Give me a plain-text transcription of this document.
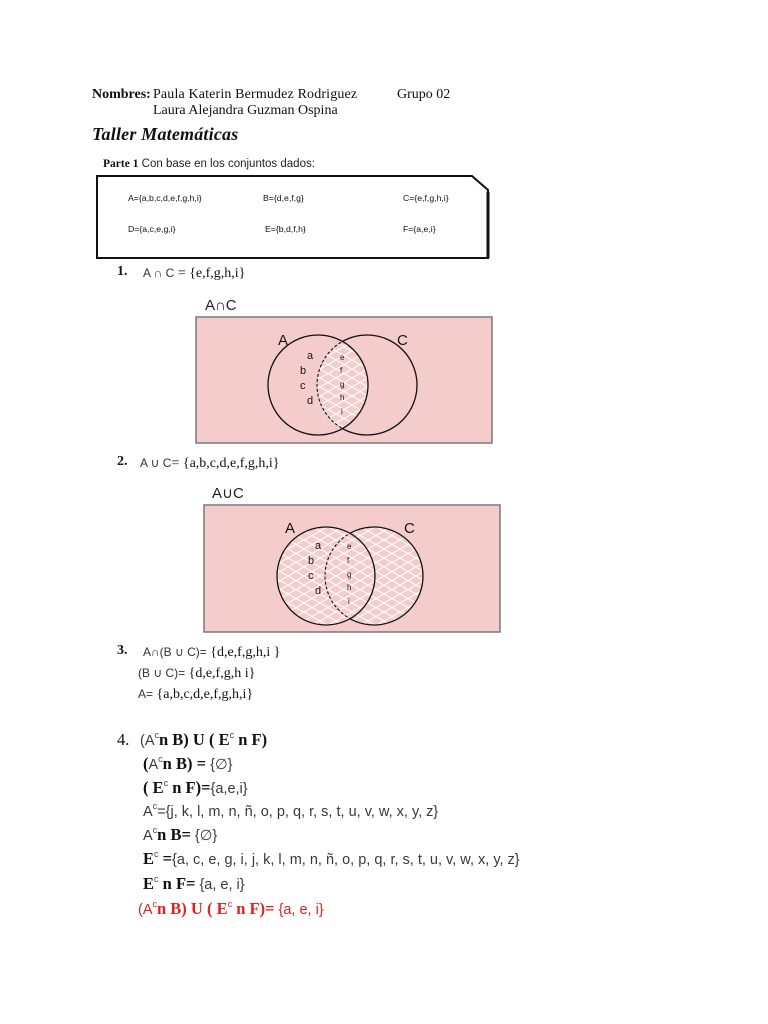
Nombres: Paula Katerin Bermudez Rodriguez	Grupo 02
Laura Alejandra Guzman Ospina
Taller Matemáticas
Parte 1 Con base en los conjuntos dados:
A={a,b,c,d,e,f,g,h,i}	B={d,e,f,g}	C={e,f,g,h,i}
D={a,c,e,g,i}	E={b,d,f,h}	F={a,e,i}
1. A ∩ C = {e,f,g,h,i}
A∩C
A	C
a
b
c
d
e
f
g
h
i
2. A ∪ C= {a,b,c,d,e,f,g,h,i}
A∪C
A	C
a
b
c
d
e
f
g
h
i
3. A∩(B ∪ C)= {d,e,f,g,h,i }
(B ∪ C)= {d,e,f,g,h i}
A= {a,b,c,d,e,f,g,h,i}
4. ($A^cn$ B) U ( $E^c$ n F)
($A^cn$ B) = {∅}
( $E^c$ n F)={a,e,i}
$A^c=\{j$, k, l, m, n, ñ, o, p, q, r, s, t, u, v, w, x, y, z}
$A^cn$ B= {∅}
$E^c =\{a$, c, e, g, i, j, k, l, m, n, ñ, o, p, q, r, s, t, u, v, w, x, y, z}
$E^c$ n F= {a, e, i}
($A^cn$ B) U ( $E^c$ n F)= {a, e, i}
